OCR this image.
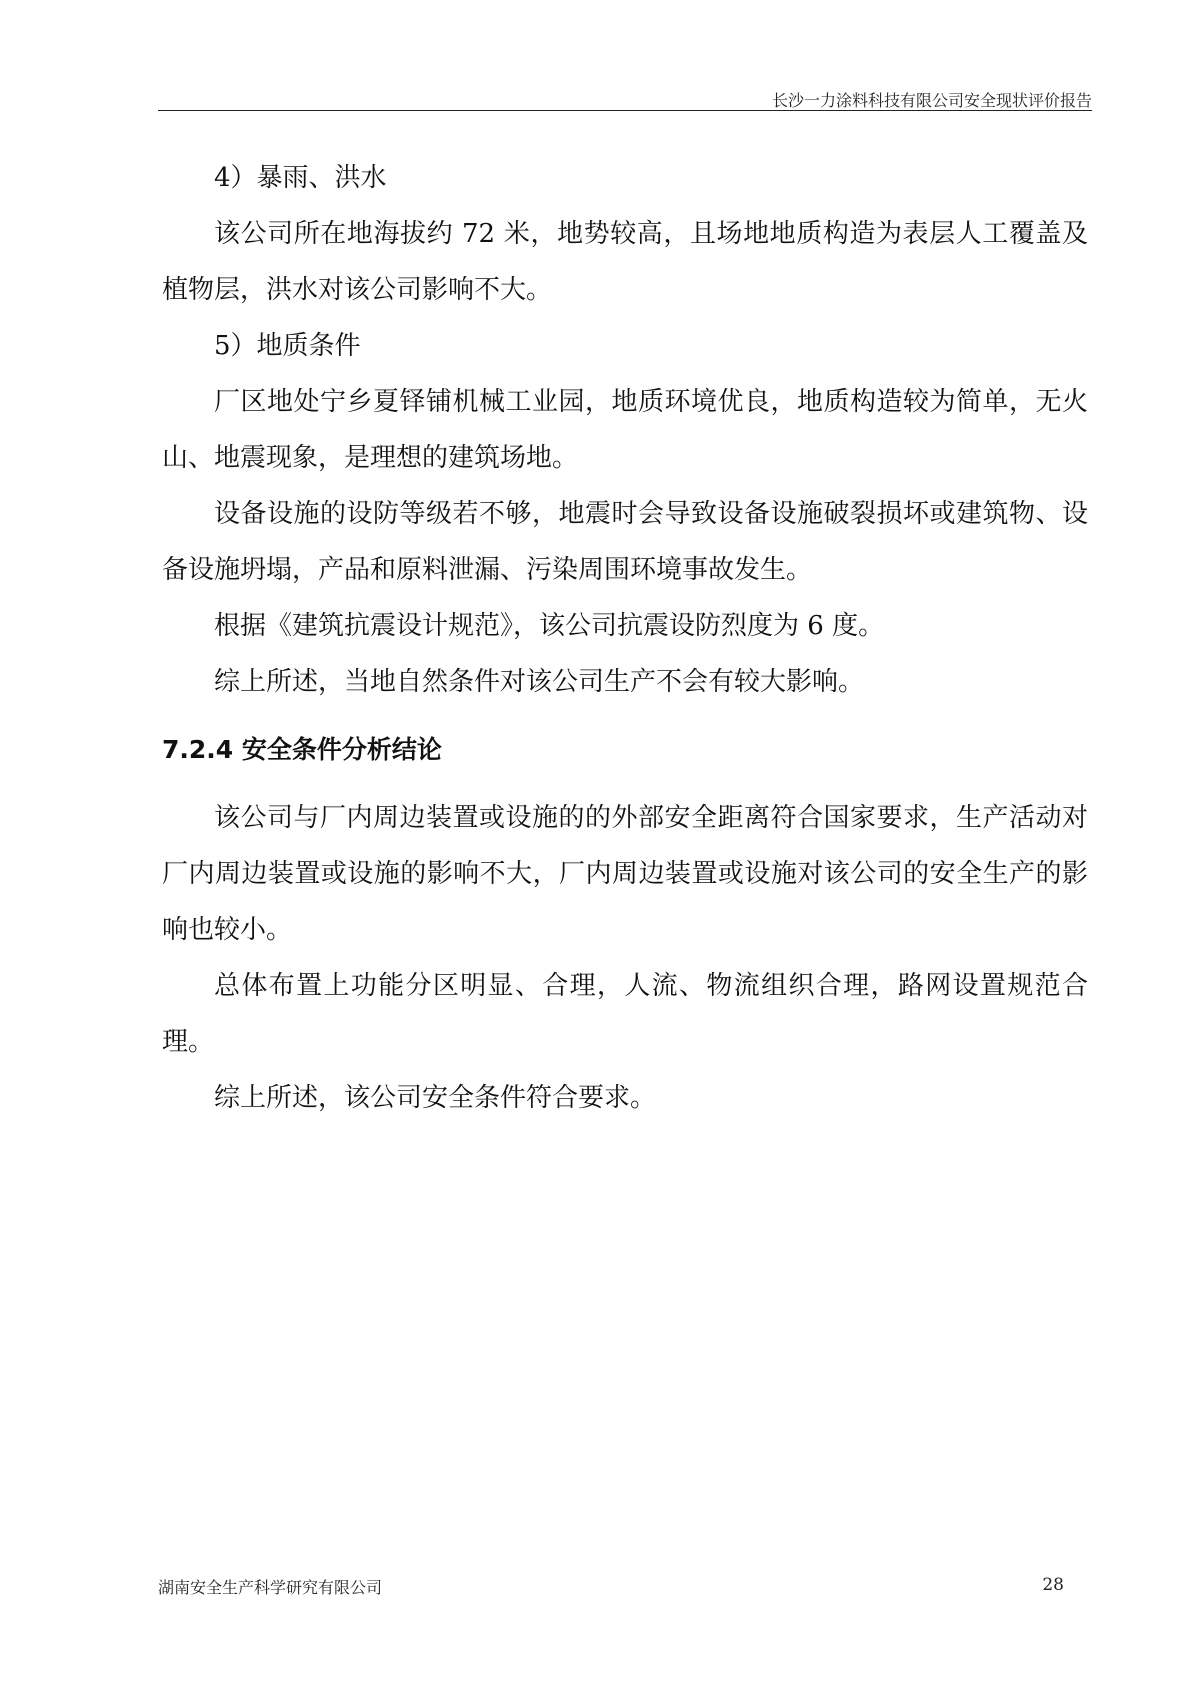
长沙一力涂料科技有限公司安全现状评价报告

4）暴雨、洪水

该公司所在地海拔约 72 米，地势较高，且场地地质构造为表层人工覆盖及植物层，洪水对该公司影响不大。

5）地质条件

厂区地处宁乡夏铎铺机械工业园，地质环境优良，地质构造较为简单，无火山、地震现象，是理想的建筑场地。

设备设施的设防等级若不够，地震时会导致设备设施破裂损坏或建筑物、设备设施坍塌，产品和原料泄漏、污染周围环境事故发生。

根据《建筑抗震设计规范》，该公司抗震设防烈度为 6 度。

综上所述，当地自然条件对该公司生产不会有较大影响。

7.2.4 安全条件分析结论

该公司与厂内周边装置或设施的的外部安全距离符合国家要求，生产活动对厂内周边装置或设施的影响不大，厂内周边装置或设施对该公司的安全生产的影响也较小。

总体布置上功能分区明显、合理，人流、物流组织合理，路网设置规范合理。

综上所述，该公司安全条件符合要求。

湖南安全生产科学研究有限公司	28
